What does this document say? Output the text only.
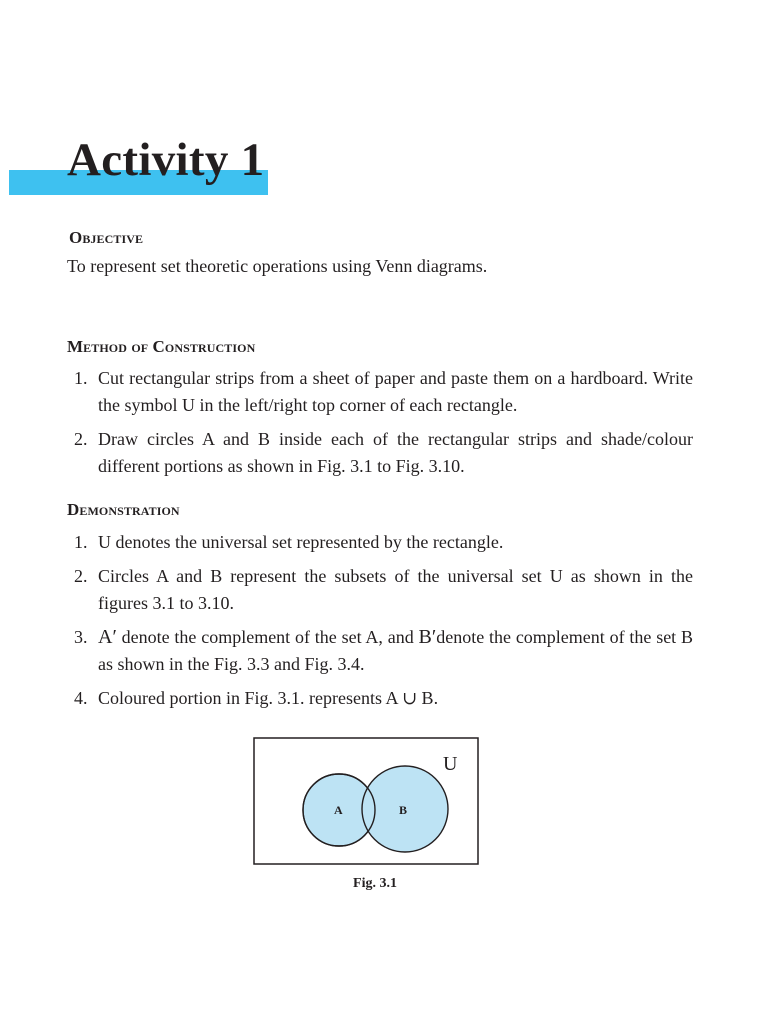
Activity 1
Objective

To represent set theoretic operations using Venn diagrams.

Method of Construction
1. Cut rectangular strips from a sheet of paper and paste them on a hardboard. Write the symbol U in the left/right top corner of each rectangle.
2. Draw circles A and B inside each of the rectangular strips and shade/colour different portions as shown in Fig. 3.1 to Fig. 3.10.
Demonstration
1. U denotes the universal set represented by the rectangle.
2. Circles A and B represent the subsets of the universal set U as shown in the figures 3.1 to 3.10.
3. A′ denote the complement of the set A, and B′denote the complement of the set B as shown in the Fig. 3.3 and Fig. 3.4.
4. Coloured portion in Fig. 3.1. represents A ∪ B.
U
A	B
Fig. 3.1
